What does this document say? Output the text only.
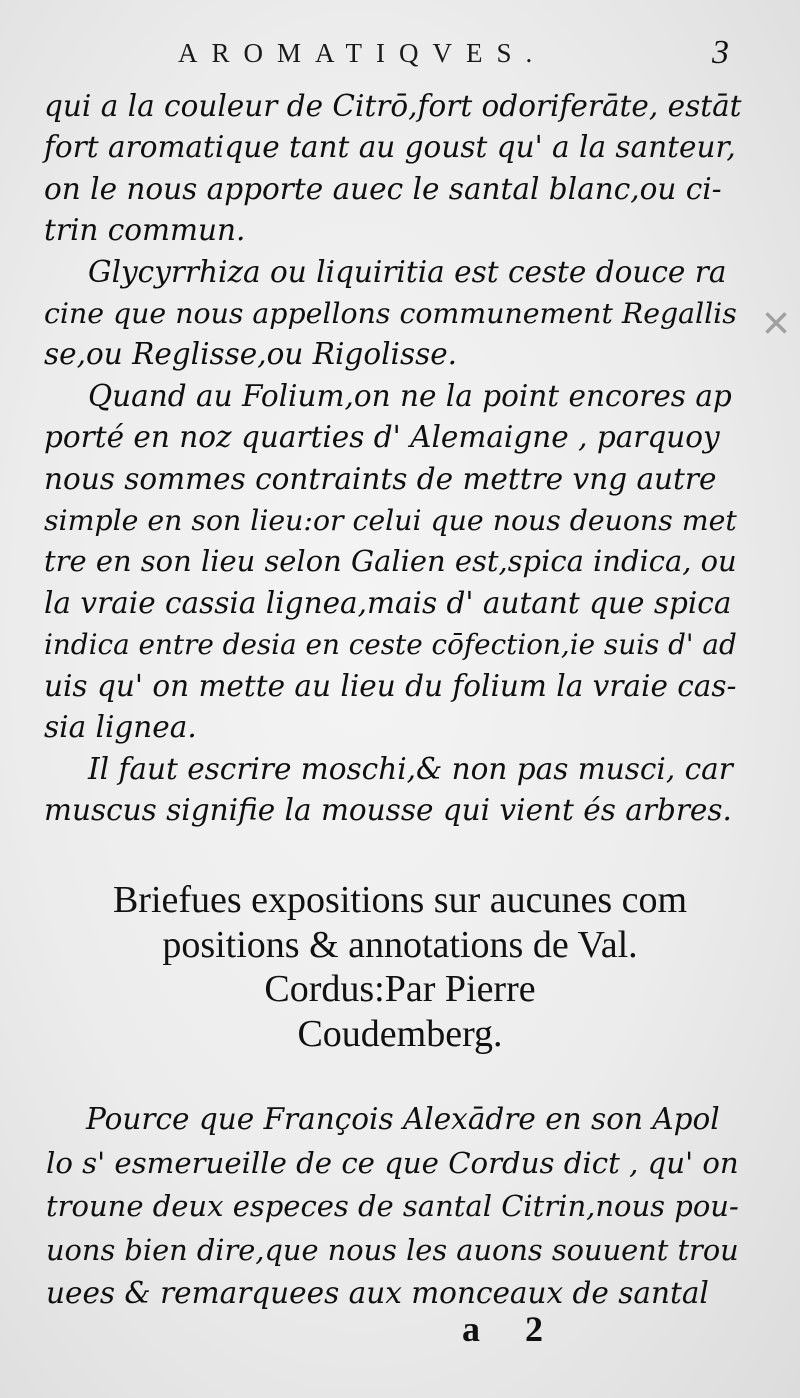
AROMATIQVES.	3
×
qui a la couleur de Citrō,fort odoriferāte, estāt
fort aromatique tant au goust qu' a la santeur,
on le nous apporte auec le santal blanc,ou ci-
trin commun.
Glycyrrhiza ou liquiritia est ceste douce ra
cine que nous appellons communement Regallis
se,ou Reglisse,ou Rigolisse.
Quand au Folium,on ne la point encores ap
porté en noz quarties d' Alemaigne , parquoy
nous sommes contraints de mettre vng autre
simple en son lieu:or celui que nous deuons met
tre en son lieu selon Galien est,spica indica, ou
la vraie cassia lignea,mais d' autant que spica
indica entre desia en ceste cōfection,ie suis d' ad
uis qu' on mette au lieu du folium la vraie cas-
sia lignea.
Il faut escrire moschi,& non pas musci, car
muscus signifie la mousse qui vient és arbres.
Briefues expositions sur aucunes com
positions & annotations de Val.
Cordus:Par Pierre
Coudemberg.
Pource que François Alexādre en son Apol
lo s' esmerueille de ce que Cordus dict , qu' on
troune deux especes de santal Citrin,nous pou-
uons bien dire,que nous les auons souuent trou
uees & remarquees aux monceaux de santal
a 2
